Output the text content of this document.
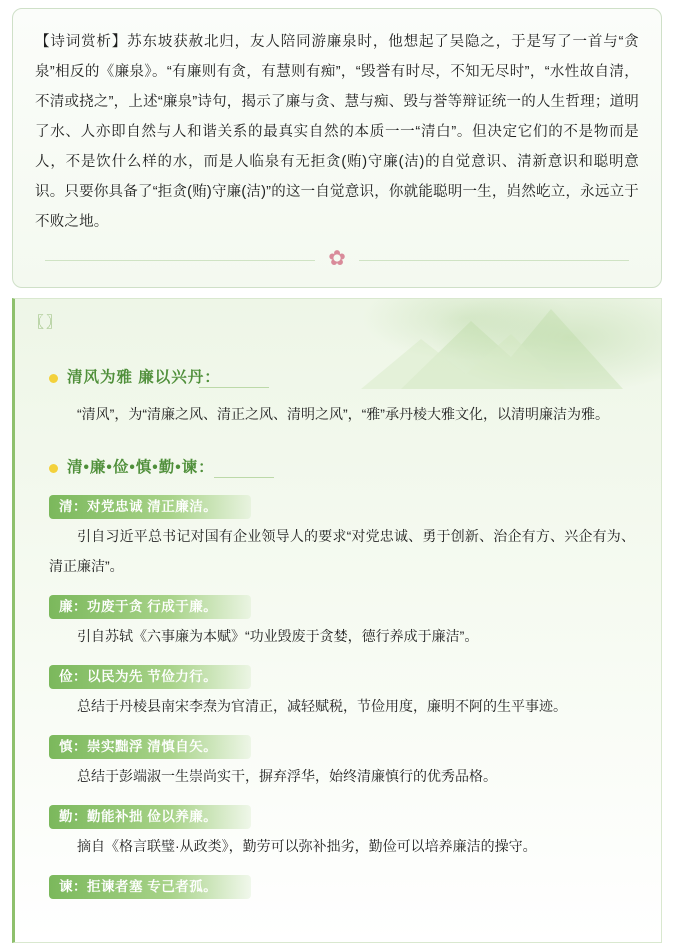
【诗词赏析】苏东坡获赦北归，友人陪同游廉泉时，他想起了吴隐之，于是写了一首与“贪泉”相反的《廉泉》。“有廉则有贪，有慧则有痴”，“毁誉有时尽，不知无尽时”，“水性故自清，不清或挠之”，上述“廉泉”诗句，揭示了廉与贪、慧与痴、毁与誉等辩证统一的人生哲理；道明了水、人亦即自然与人和谐关系的最真实自然的本质一一“清白”。但决定它们的不是物而是人，不是饮什么样的水，而是人临泉有无拒贪(贿)守廉(洁)的自觉意识、清新意识和聪明意识。只要你具备了“拒贪(贿)守廉(洁)”的这一自觉意识，你就能聪明一生，岿然屹立，永远立于不败之地。

✿
〖〗
清风为雅 廉以兴丹：

“清风”，为“清廉之风、清正之风、清明之风”，“雅”承丹棱大雅文化，以清明廉洁为雅。

清•廉•俭•慎•勤•谏：
清：对党忠诚 清正廉洁。

引自习近平总书记对国有企业领导人的要求“对党忠诚、勇于创新、治企有方、兴企有为、清正廉洁”。

廉：功废于贪 行成于廉。

引自苏轼《六事廉为本赋》“功业毁废于贪婪，德行养成于廉洁”。

俭：以民为先 节俭力行。

总结于丹棱县南宋李焘为官清正，减轻赋税，节俭用度，廉明不阿的生平事迹。

慎：崇实黜浮 清慎自矢。

总结于彭端淑一生崇尚实干，摒弃浮华，始终清廉慎行的优秀品格。

勤：勤能补拙 俭以养廉。

摘自《格言联璧·从政类》，勤劳可以弥补拙劣，勤俭可以培养廉洁的操守。

谏：拒谏者塞 专己者孤。
